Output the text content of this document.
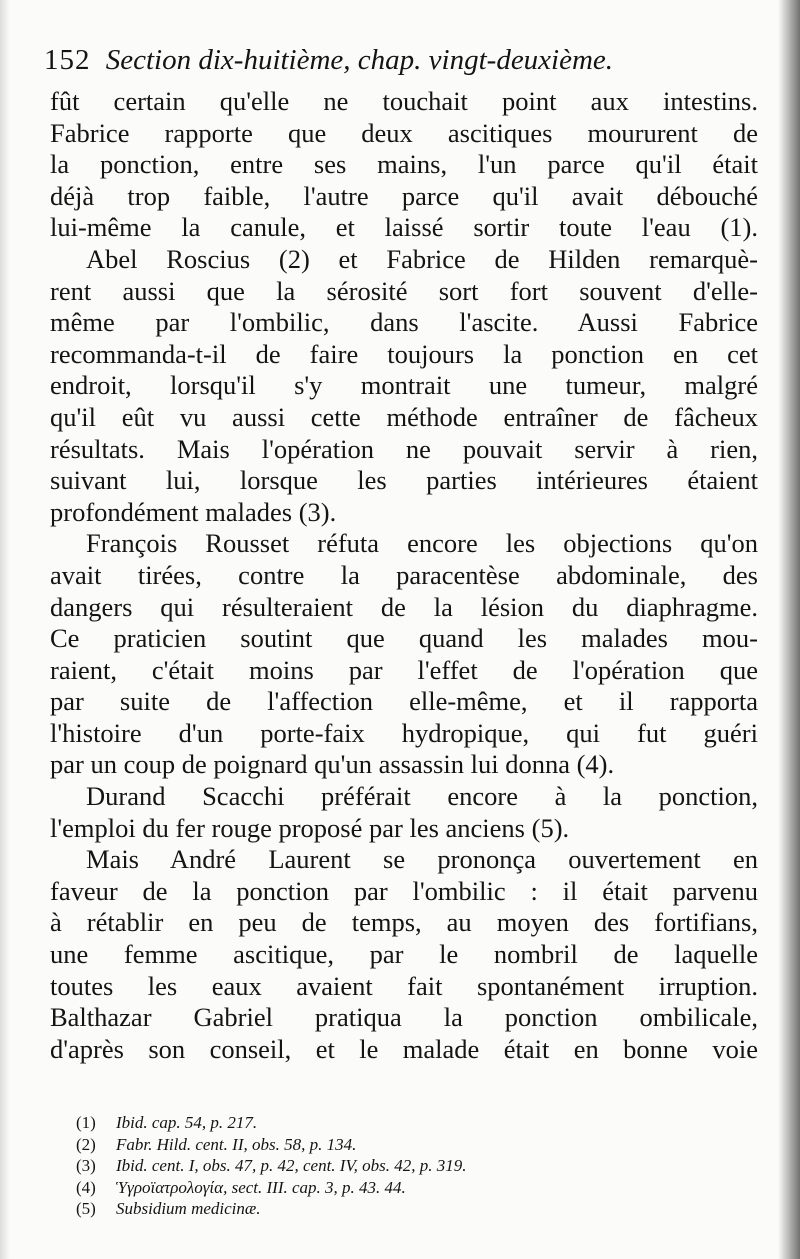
152 Section dix-huitième, chap. vingt-deuxième.
fût certain qu'elle ne touchait point aux intestins.
Fabrice rapporte que deux ascitiques moururent de
la ponction, entre ses mains, l'un parce qu'il était
déjà trop faible, l'autre parce qu'il avait débouché
lui-même la canule, et laissé sortir toute l'eau (1).
Abel Roscius (2) et Fabrice de Hilden remarquè-
rent aussi que la sérosité sort fort souvent d'elle-
même par l'ombilic, dans l'ascite. Aussi Fabrice
recommanda-t-il de faire toujours la ponction en cet
endroit, lorsqu'il s'y montrait une tumeur, malgré
qu'il eût vu aussi cette méthode entraîner de fâcheux
résultats. Mais l'opération ne pouvait servir à rien,
suivant lui, lorsque les parties intérieures étaient
profondément malades (3).
François Rousset réfuta encore les objections qu'on
avait tirées, contre la paracentèse abdominale, des
dangers qui résulteraient de la lésion du diaphragme.
Ce praticien soutint que quand les malades mou-
raient, c'était moins par l'effet de l'opération que
par suite de l'affection elle-même, et il rapporta
l'histoire d'un porte-faix hydropique, qui fut guéri
par un coup de poignard qu'un assassin lui donna (4).
Durand Scacchi préférait encore à la ponction,
l'emploi du fer rouge proposé par les anciens (5).
Mais André Laurent se prononça ouvertement en
faveur de la ponction par l'ombilic : il était parvenu
à rétablir en peu de temps, au moyen des fortifians,
une femme ascitique, par le nombril de laquelle
toutes les eaux avaient fait spontanément irruption.
Balthazar Gabriel pratiqua la ponction ombilicale,
d'après son conseil, et le malade était en bonne voie
(1) Ibid. cap. 54, p. 217.
(2) Fabr. Hild. cent. II, obs. 58, p. 134.
(3) Ibid. cent. I, obs. 47, p. 42, cent. IV, obs. 42, p. 319.
(4) Ὑγροϊατρολογία, sect. III. cap. 3, p. 43. 44.
(5) Subsidium medicinæ.
